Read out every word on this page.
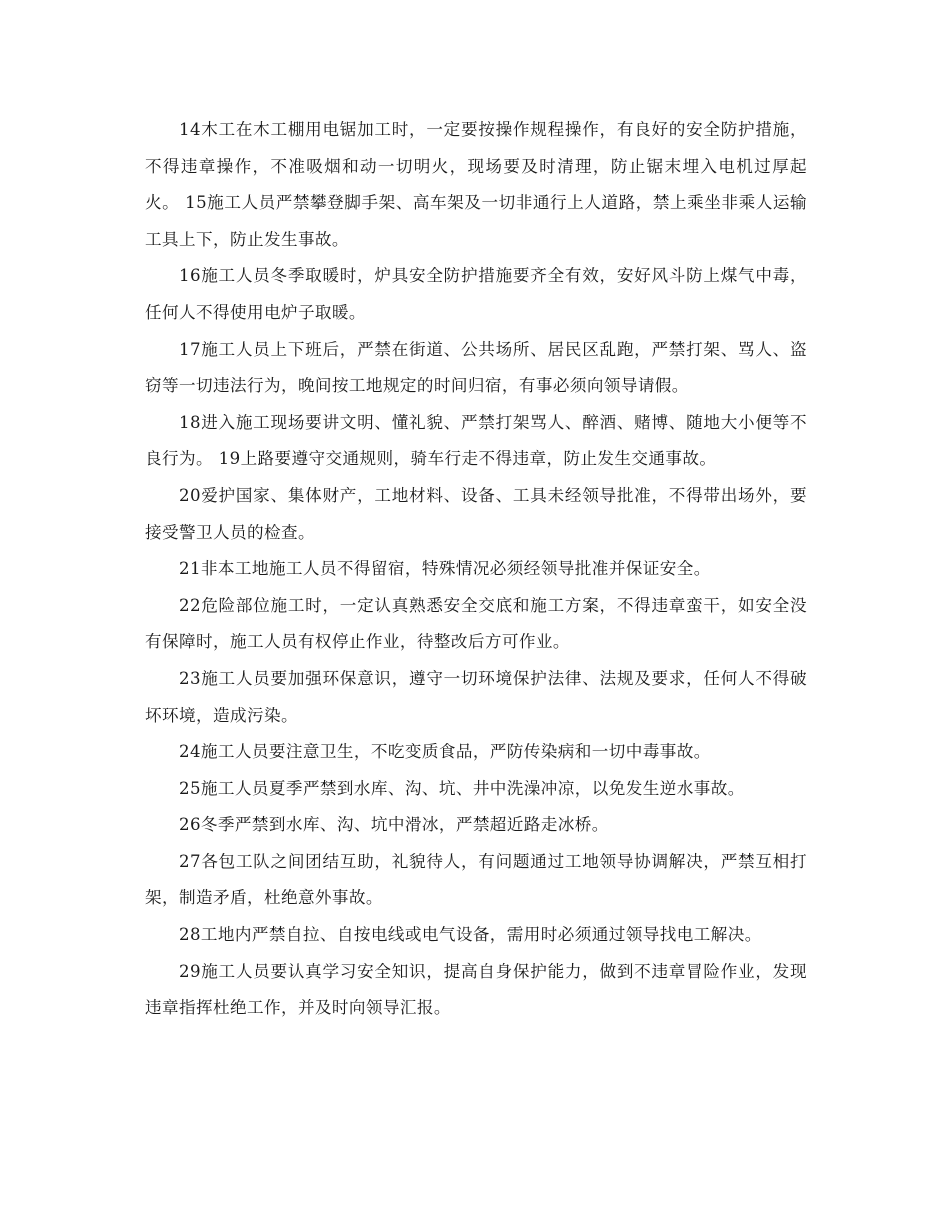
14木工在木工棚用电锯加工时，一定要按操作规程操作，有良好的安全防护措施，不得违章操作，不准吸烟和动一切明火，现场要及时清理，防止锯末埋入电机过厚起火。 15施工人员严禁攀登脚手架、高车架及一切非通行上人道路，禁上乘坐非乘人运输工具上下，防止发生事故。

16施工人员冬季取暖时，炉具安全防护措施要齐全有效，安好风斗防上煤气中毒，任何人不得使用电炉子取暖。

17施工人员上下班后，严禁在街道、公共场所、居民区乱跑，严禁打架、骂人、盗窃等一切违法行为，晚间按工地规定的时间归宿，有事必须向领导请假。

18进入施工现场要讲文明、懂礼貌、严禁打架骂人、醉酒、赌博、随地大小便等不良行为。 19上路要遵守交通规则，骑车行走不得违章，防止发生交通事故。

20爱护国家、集体财产，工地材料、设备、工具未经领导批准，不得带出场外，要接受警卫人员的检查。

21非本工地施工人员不得留宿，特殊情况必须经领导批准并保证安全。

22危险部位施工时，一定认真熟悉安全交底和施工方案，不得违章蛮干，如安全没有保障时，施工人员有权停止作业，待整改后方可作业。

23施工人员要加强环保意识，遵守一切环境保护法律、法规及要求，任何人不得破坏环境，造成污染。

24施工人员要注意卫生，不吃变质食品，严防传染病和一切中毒事故。

25施工人员夏季严禁到水库、沟、坑、井中洗澡冲凉，以免发生逆水事故。

26冬季严禁到水库、沟、坑中滑冰，严禁超近路走冰桥。

27各包工队之间团结互助，礼貌待人，有问题通过工地领导协调解决，严禁互相打架，制造矛盾，杜绝意外事故。

28工地内严禁自拉、自按电线或电气设备，需用时必须通过领导找电工解决。

29施工人员要认真学习安全知识，提高自身保护能力，做到不违章冒险作业，发现违章指挥杜绝工作，并及时向领导汇报。
